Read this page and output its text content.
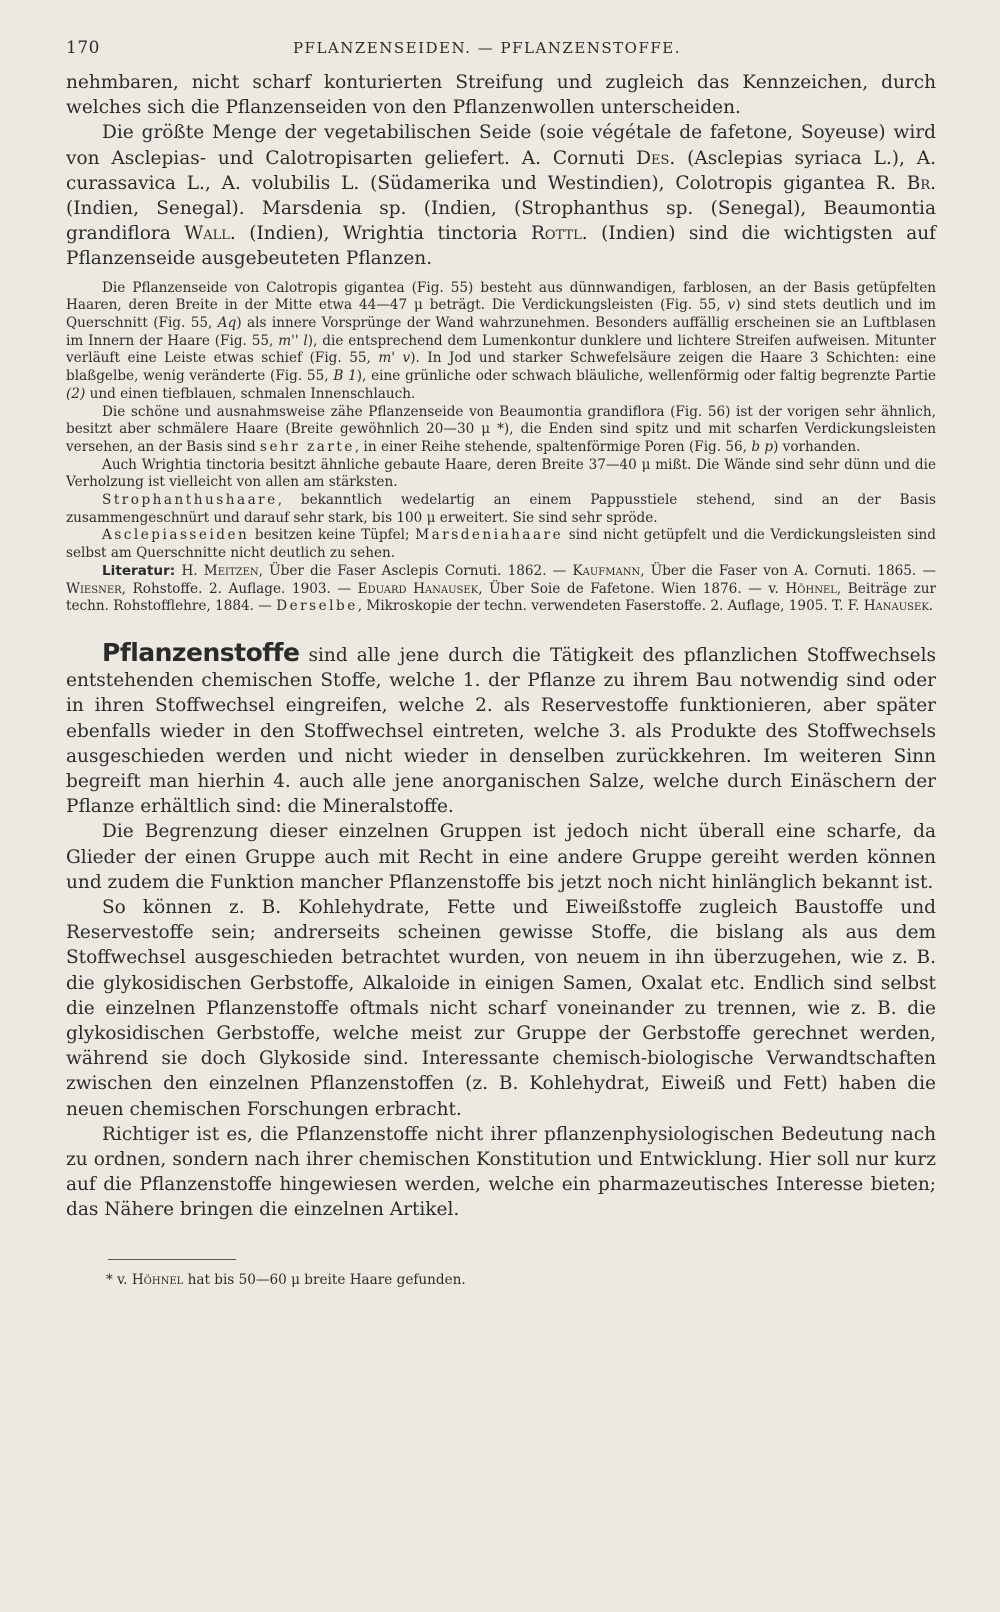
170	PFLANZENSEIDEN. — PFLANZENSTOFFE.

nehmbaren, nicht scharf konturierten Streifung und zugleich das Kennzeichen, durch welches sich die Pflanzenseiden von den Pflanzenwollen unterscheiden.

Die größte Menge der vegetabilischen Seide (soie végétale de fafetone, Soyeuse) wird von Asclepias- und Calotropisarten geliefert. A. Cornuti Des. (Asclepias syriaca L.), A. curassavica L., A. volubilis L. (Südamerika und Westindien), Colotropis gigantea R. Br. (Indien, Senegal). Marsdenia sp. (Indien, (Strophanthus sp. (Senegal), Beaumontia grandiflora Wall. (Indien), Wrightia tinctoria Rottl. (Indien) sind die wichtigsten auf Pflanzenseide ausgebeuteten Pflanzen.

Die Pflanzenseide von Calotropis gigantea (Fig. 55) besteht aus dünnwandigen, farblosen, an der Basis getüpfelten Haaren, deren Breite in der Mitte etwa 44—47 μ beträgt. Die Verdickungsleisten (Fig. 55, v) sind stets deutlich und im Querschnitt (Fig. 55, Aq) als innere Vorsprünge der Wand wahrzunehmen. Besonders auffällig erscheinen sie an Luftblasen im Innern der Haare (Fig. 55, m'' l), die entsprechend dem Lumenkontur dunklere und lichtere Streifen aufweisen. Mitunter verläuft eine Leiste etwas schief (Fig. 55, m' v). In Jod und starker Schwefelsäure zeigen die Haare 3 Schichten: eine blaßgelbe, wenig veränderte (Fig. 55, B 1), eine grünliche oder schwach bläuliche, wellenförmig oder faltig begrenzte Partie (2) und einen tiefblauen, schmalen Innenschlauch.

Die schöne und ausnahmsweise zähe Pflanzenseide von Beaumontia grandiflora (Fig. 56) ist der vorigen sehr ähnlich, besitzt aber schmälere Haare (Breite gewöhnlich 20—30 μ *), die Enden sind spitz und mit scharfen Verdickungsleisten versehen, an der Basis sind sehr zarte, in einer Reihe stehende, spaltenförmige Poren (Fig. 56, b p) vorhanden.

Auch Wrightia tinctoria besitzt ähnliche gebaute Haare, deren Breite 37—40 μ mißt. Die Wände sind sehr dünn und die Verholzung ist vielleicht von allen am stärksten.

Strophanthushaare, bekanntlich wedelartig an einem Pappusstiele stehend, sind an der Basis zusammengeschnürt und darauf sehr stark, bis 100 μ erweitert. Sie sind sehr spröde.

Asclepiasseiden besitzen keine Tüpfel; Marsdeniahaare sind nicht getüpfelt und die Verdickungsleisten sind selbst am Querschnitte nicht deutlich zu sehen.

Literatur: H. Meitzen, Über die Faser Asclepis Cornuti. 1862. — Kaufmann, Über die Faser von A. Cornuti. 1865. — Wiesner, Rohstoffe. 2. Auflage. 1903. — Eduard Hanausek, Über Soie de Fafetone. Wien 1876. — v. Höhnel, Beiträge zur techn. Rohstofflehre, 1884. — Derselbe, Mikroskopie der techn. verwendeten Faserstoffe. 2. Auflage, 1905. T. F. Hanausek.

Pflanzenstoffe sind alle jene durch die Tätigkeit des pflanzlichen Stoffwechsels entstehenden chemischen Stoffe, welche 1. der Pflanze zu ihrem Bau notwendig sind oder in ihren Stoffwechsel eingreifen, welche 2. als Reservestoffe funktionieren, aber später ebenfalls wieder in den Stoffwechsel eintreten, welche 3. als Produkte des Stoffwechsels ausgeschieden werden und nicht wieder in denselben zurückkehren. Im weiteren Sinn begreift man hierhin 4. auch alle jene anorganischen Salze, welche durch Einäschern der Pflanze erhältlich sind: die Mineralstoffe.

Die Begrenzung dieser einzelnen Gruppen ist jedoch nicht überall eine scharfe, da Glieder der einen Gruppe auch mit Recht in eine andere Gruppe gereiht werden können und zudem die Funktion mancher Pflanzenstoffe bis jetzt noch nicht hinlänglich bekannt ist.

So können z. B. Kohlehydrate, Fette und Eiweißstoffe zugleich Baustoffe und Reservestoffe sein; andrerseits scheinen gewisse Stoffe, die bislang als aus dem Stoffwechsel ausgeschieden betrachtet wurden, von neuem in ihn überzugehen, wie z. B. die glykosidischen Gerbstoffe, Alkaloide in einigen Samen, Oxalat etc. Endlich sind selbst die einzelnen Pflanzenstoffe oftmals nicht scharf voneinander zu trennen, wie z. B. die glykosidischen Gerbstoffe, welche meist zur Gruppe der Gerbstoffe gerechnet werden, während sie doch Glykoside sind. Interessante chemisch-biologische Verwandtschaften zwischen den einzelnen Pflanzenstoffen (z. B. Kohlehydrat, Eiweiß und Fett) haben die neuen chemischen Forschungen erbracht.

Richtiger ist es, die Pflanzenstoffe nicht ihrer pflanzenphysiologischen Bedeutung nach zu ordnen, sondern nach ihrer chemischen Konstitution und Entwicklung. Hier soll nur kurz auf die Pflanzenstoffe hingewiesen werden, welche ein pharmazeutisches Interesse bieten; das Nähere bringen die einzelnen Artikel.

* v. Höhnel hat bis 50—60 μ breite Haare gefunden.
